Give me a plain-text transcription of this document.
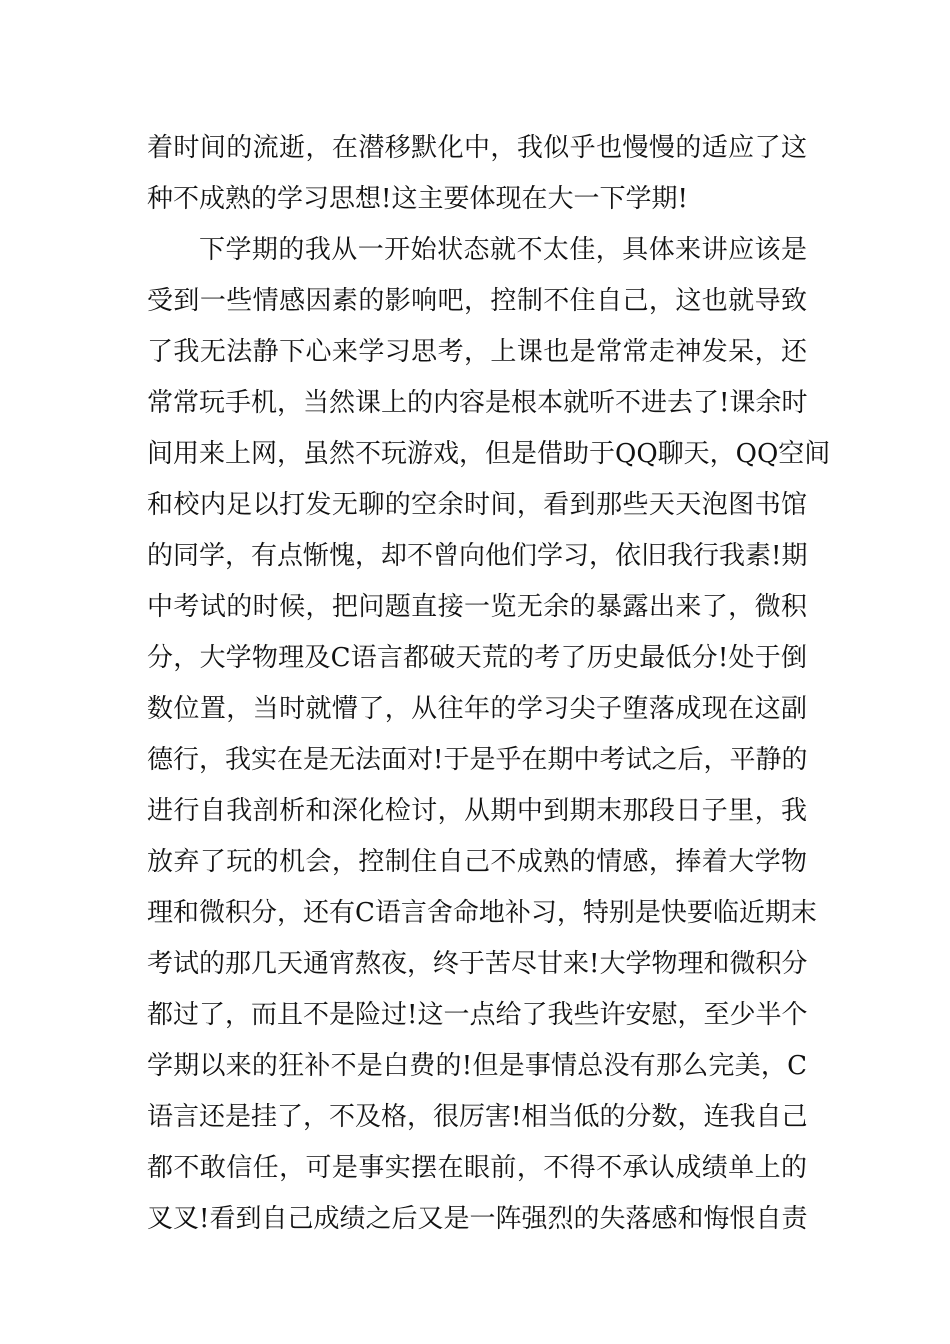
着时间的流逝，在潜移默化中，我似乎也慢慢的适应了这
种不成熟的学习思想!这主要体现在大一下学期!
下学期的我从一开始状态就不太佳，具体来讲应该是
受到一些情感因素的影响吧，控制不住自己，这也就导致
了我无法静下心来学习思考，上课也是常常走神发呆，还
常常玩手机，当然课上的内容是根本就听不进去了!课余时
间用来上网，虽然不玩游戏，但是借助于QQ聊天，QQ空间
和校内足以打发无聊的空余时间，看到那些天天泡图书馆
的同学，有点惭愧，却不曾向他们学习，依旧我行我素!期
中考试的时候，把问题直接一览无余的暴露出来了，微积
分，大学物理及C语言都破天荒的考了历史最低分!处于倒
数位置，当时就懵了，从往年的学习尖子堕落成现在这副
德行，我实在是无法面对!于是乎在期中考试之后，平静的
进行自我剖析和深化检讨，从期中到期末那段日子里，我
放弃了玩的机会，控制住自己不成熟的情感，捧着大学物
理和微积分，还有C语言舍命地补习，特别是快要临近期末
考试的那几天通宵熬夜，终于苦尽甘来!大学物理和微积分
都过了，而且不是险过!这一点给了我些许安慰，至少半个
学期以来的狂补不是白费的!但是事情总没有那么完美，C
语言还是挂了，不及格，很厉害!相当低的分数，连我自己
都不敢信任，可是事实摆在眼前，不得不承认成绩单上的
叉叉!看到自己成绩之后又是一阵强烈的失落感和悔恨自责
